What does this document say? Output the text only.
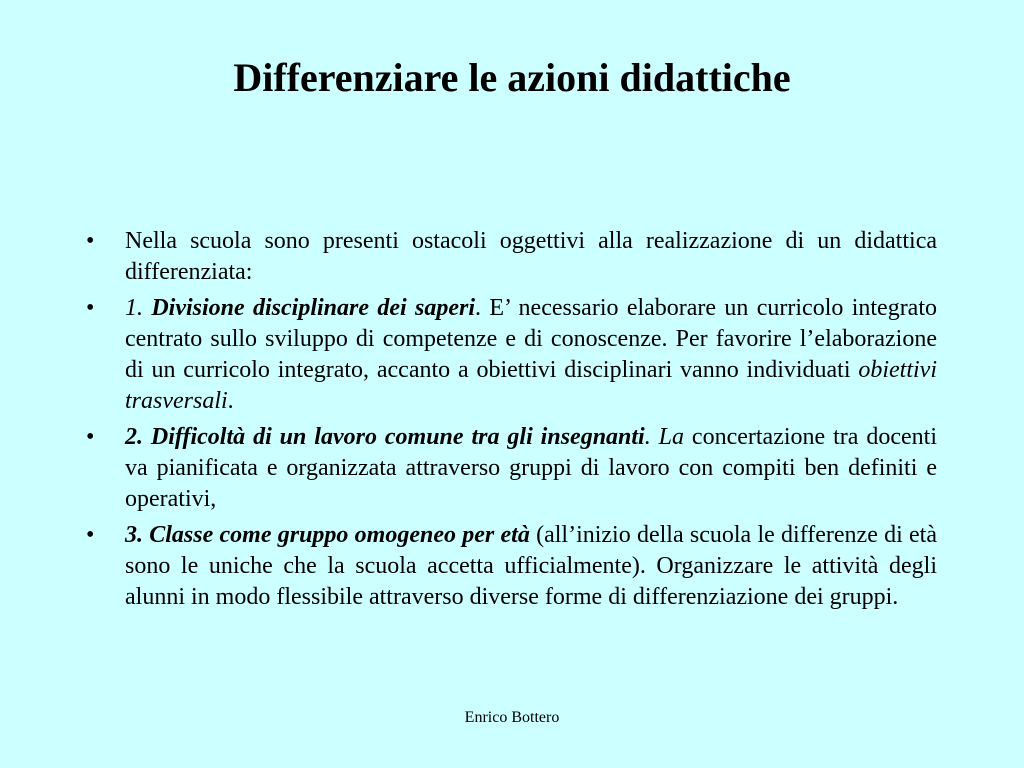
Differenziare le azioni didattiche
•	Nella scuola sono presenti ostacoli oggettivi alla realizzazione di un didattica differenziata:
•	1. Divisione disciplinare dei saperi. E’ necessario elaborare un curricolo integrato centrato sullo sviluppo di competenze e di conoscenze. Per favorire l’elaborazione di un curricolo integrato, accanto a obiettivi disciplinari vanno individuati obiettivi trasversali.
•	2. Difficoltà di un lavoro comune tra gli insegnanti. La concertazione tra docenti va pianificata e organizzata attraverso gruppi di lavoro con compiti ben definiti e operativi,
•	3. Classe come gruppo omogeneo per età (all’inizio della scuola le differenze di età sono le uniche che la scuola accetta ufficialmente). Organizzare le attività degli alunni in modo flessibile attraverso diverse forme di differenziazione dei gruppi.
Enrico Bottero
